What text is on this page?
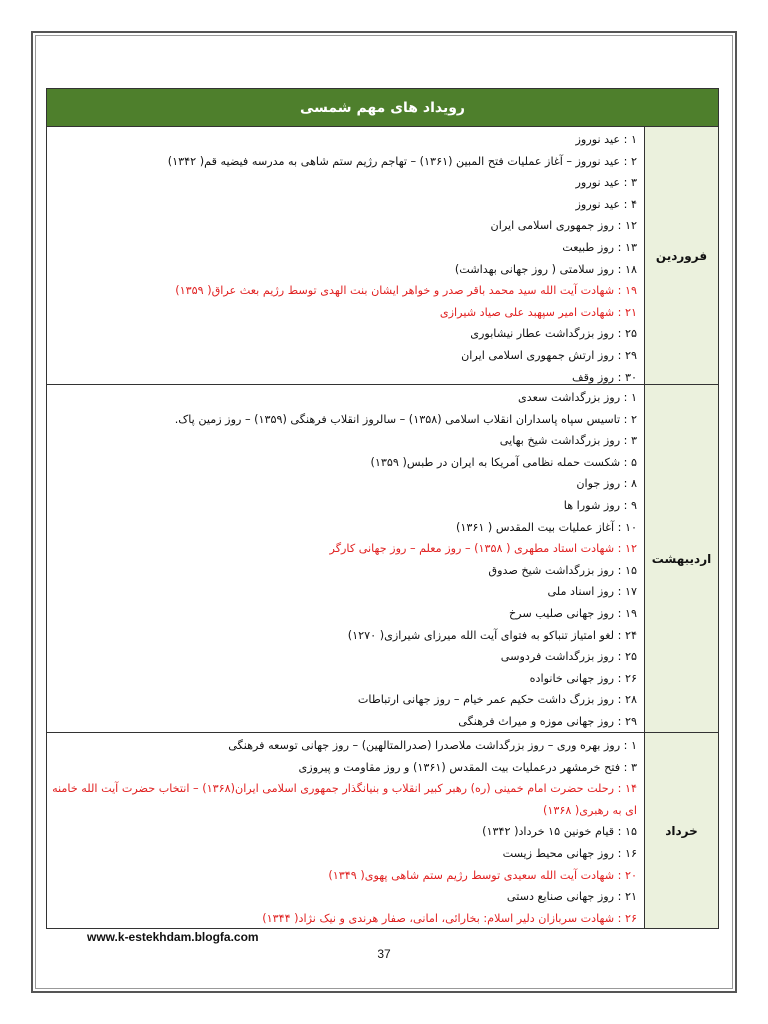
رویداد های مهم شمسی
فروردین
۱ : عید نوروز
۲ : عید نوروز – آغاز عملیات فتح المبین (۱۳۶۱) – تهاجم رژیم ستم شاهی به مدرسه فیضیه قم( ۱۳۴۲)
۳ : عید نورور
۴ : عید نوروز
۱۲ : روز جمهوری اسلامی ایران
۱۳ : روز طبیعت
۱۸ : روز سلامتی ( روز جهانی بهداشت)
۱۹ : شهادت آیت الله سید محمد باقر صدر و خواهر ایشان بنت الهدی توسط رژیم بعث عراق( ۱۳۵۹)
۲۱ : شهادت امیر سپهبد علی صیاد شیرازی
۲۵ : روز بزرگداشت عطار نیشابوری
۲۹ : روز ارتش جمهوری اسلامی ایران
۳۰ : روز وقف
اردیبهشت
۱ : روز بزرگداشت سعدی
۲ : تاسیس سپاه پاسداران انقلاب اسلامی (۱۳۵۸) – سالروز انقلاب فرهنگی (۱۳۵۹) – روز زمین پاک.
۳ : روز بزرگداشت شیخ بهایی
۵ : شکست حمله نظامی آمریکا به ایران در طبس( ۱۳۵۹)
۸ : روز جوان
۹ : روز شورا ها
۱۰ : آغاز عملیات بیت المقدس ( ۱۳۶۱)
۱۲ : شهادت استاد مطهری ( ۱۳۵۸) – روز معلم – روز جهانی کارگر
۱۵ : روز بزرگداشت شیخ صدوق
۱۷ : روز اسناد ملی
۱۹ : روز جهانی صلیب سرخ
۲۴ : لغو امتیاز تنباکو به فتوای آیت الله میرزای شیرازی( ۱۲۷۰)
۲۵ : روز بزرگداشت فردوسی
۲۶ : روز جهانی خانواده
۲۸ : روز بزرگ داشت حکیم عمر خیام – روز جهانی ارتباطات
۲۹ : روز جهانی موزه و میراث فرهنگی
خرداد
۱ : روز بهره وری – روز بزرگداشت ملاصدرا (صدرالمتالهین) – روز جهانی توسعه فرهنگی
۳ : فتح خرمشهر درعملیات بیت المقدس (۱۳۶۱) و روز مقاومت و پیروزی
۱۴ : رحلت حضرت امام خمینی (ره) رهبر کبیر انقلاب و بنیانگذار جمهوری اسلامی ایران(۱۳۶۸) – انتخاب حضرت آیت الله خامنه ای به رهبری( ۱۳۶۸)
۱۵ : قیام خونین ۱۵ خرداد( ۱۳۴۲)
۱۶ : روز جهانی محیط زیست
۲۰ : شهادت آیت الله سعیدی توسط رژیم ستم شاهی پهوی( ۱۳۴۹)
۲۱ : روز جهانی صنایع دستی
۲۶ : شهادت سربازان دلیر اسلام: بخارائی، امانی، صفار هرندی و نیک نژاد( ۱۳۴۴)
www.k-estekhdam.blogfa.com
37
